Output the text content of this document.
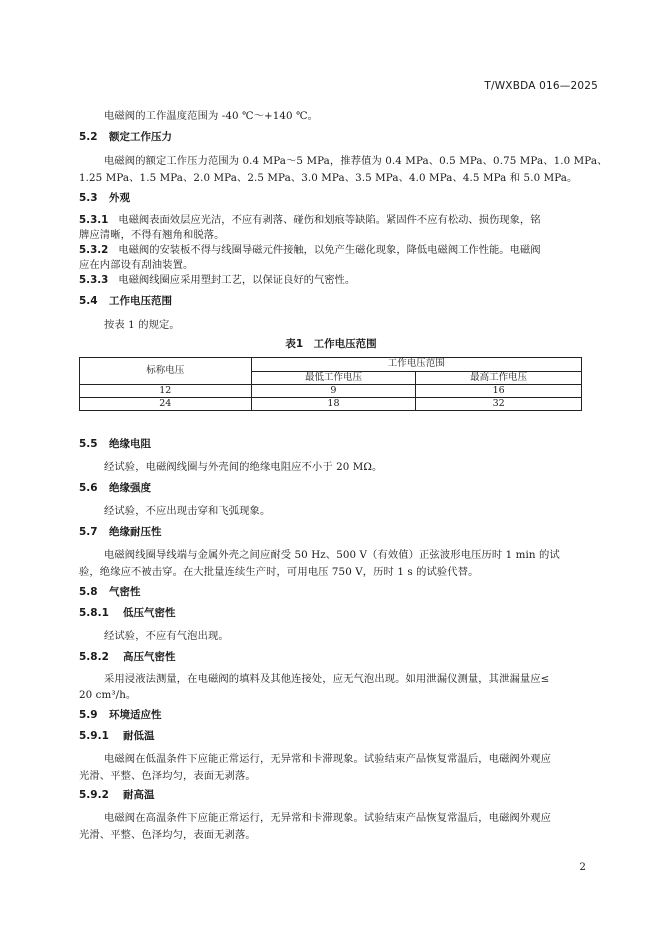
T/WXBDA 016—2025
电磁阀的工作温度范围为 -40 ℃～+140 ℃。
5.2 额定工作压力
电磁阀的额定工作压力范围为 0.4 MPa～5 MPa，推荐值为 0.4 MPa、0.5 MPa、0.75 MPa、1.0 MPa、
1.25 MPa、1.5 MPa、2.0 MPa、2.5 MPa、3.0 MPa、3.5 MPa、4.0 MPa、4.5 MPa 和 5.0 MPa。
5.3 外观
5.3.1 电磁阀表面效层应光洁，不应有剥落、碰伤和划痕等缺陷。紧固件不应有松动、损伤现象，铭
牌应清晰，不得有翘角和脱落。
5.3.2 电磁阀的安装板不得与线圈导磁元件接触，以免产生磁化现象，降低电磁阀工作性能。电磁阀
应在内部设有刮油装置。
5.3.3 电磁阀线圈应采用塑封工艺，以保证良好的气密性。
5.4 工作电压范围
按表 1 的规定。
表1　工作电压范围
标称电压	工作电压范围	
	最低工作电压	最高工作电压
12	9	16
24	18	32
5.5 绝缘电阻
经试验，电磁阀线圈与外壳间的绝缘电阻应不小于 20 MΩ。
5.6 绝缘强度
经试验，不应出现击穿和飞弧现象。
5.7 绝缘耐压性
电磁阀线圈导线端与金属外壳之间应耐受 50 Hz、500 V（有效值）正弦波形电压历时 1 min 的试
验，绝缘应不被击穿。在大批量连续生产时，可用电压 750 V，历时 1 s 的试验代替。
5.8 气密性
5.8.1 低压气密性
经试验，不应有气泡出现。
5.8.2 高压气密性
采用浸液法测量，在电磁阀的填料及其他连接处，应无气泡出现。如用泄漏仪测量，其泄漏量应≤
20 cm³/h。
5.9 环境适应性
5.9.1 耐低温
电磁阀在低温条件下应能正常运行，无异常和卡滞现象。试验结束产品恢复常温后，电磁阀外观应
光滑、平整、色泽均匀，表面无剥落。
5.9.2 耐高温
电磁阀在高温条件下应能正常运行，无异常和卡滞现象。试验结束产品恢复常温后，电磁阀外观应
光滑、平整、色泽均匀，表面无剥落。
2
